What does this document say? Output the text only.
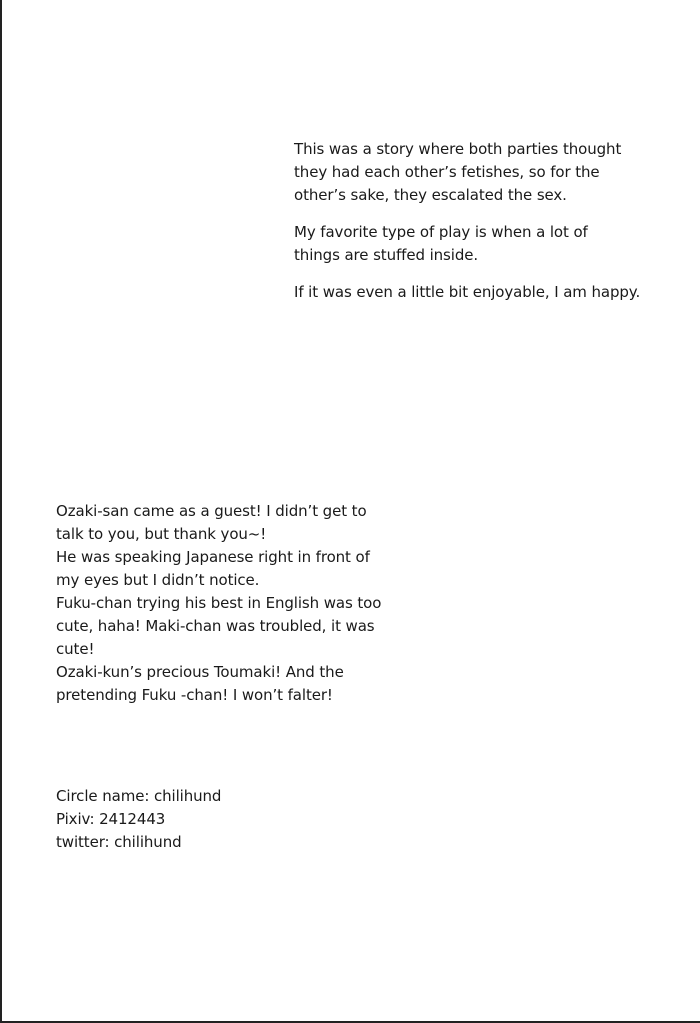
This was a story where both parties thought
they had each other’s fetishes, so for the
other’s sake, they escalated the sex.

My favorite type of play is when a lot of
things are stuffed inside.

If it was even a little bit enjoyable, I am happy.

Ozaki-san came as a guest! I didn’t get to
talk to you, but thank you~!
He was speaking Japanese right in front of
my eyes but I didn’t notice.
Fuku-chan trying his best in English was too
cute, haha! Maki-chan was troubled, it was
cute!
Ozaki-kun’s precious Toumaki! And the
pretending Fuku -chan! I won’t falter!

Circle name: chilihund
Pixiv: 2412443
twitter: chilihund
